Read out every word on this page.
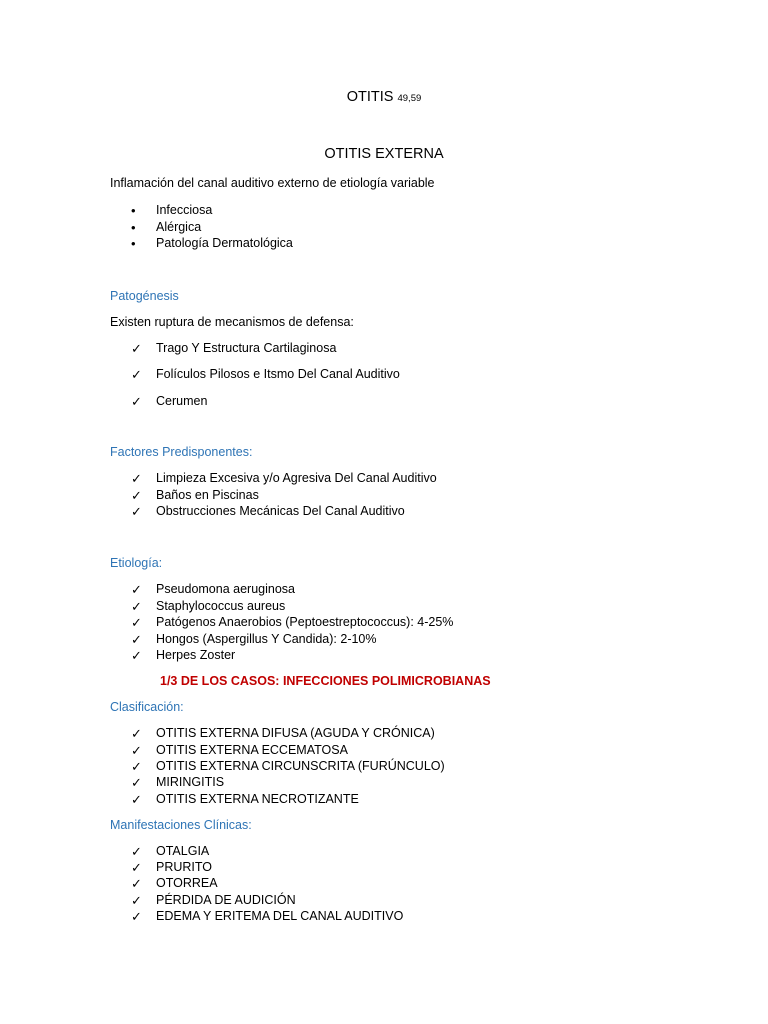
OTITIS 49,59
OTITIS EXTERNA
Inflamación del canal auditivo externo de etiología variable
• Infecciosa
• Alérgica
• Patología Dermatológica
Patogénesis
Existen ruptura de mecanismos de defensa:
✓ Trago Y Estructura Cartilaginosa
✓ Folículos Pilosos e Itsmo Del Canal Auditivo
✓ Cerumen
Factores Predisponentes:
✓ Limpieza Excesiva y/o Agresiva Del Canal Auditivo
✓ Baños en Piscinas
✓ Obstrucciones Mecánicas Del Canal Auditivo
Etiología:
✓ Pseudomona aeruginosa
✓ Staphylococcus aureus
✓ Patógenos Anaerobios (Peptoestreptococcus): 4-25%
✓ Hongos (Aspergillus Y Candida): 2-10%
✓ Herpes Zoster
1/3 DE LOS CASOS: INFECCIONES POLIMICROBIANAS
Clasificación:
✓ OTITIS EXTERNA DIFUSA (AGUDA Y CRÓNICA)
✓ OTITIS EXTERNA ECCEMATOSA
✓ OTITIS EXTERNA CIRCUNSCRITA (FURÚNCULO)
✓ MIRINGITIS
✓ OTITIS EXTERNA NECROTIZANTE
Manifestaciones Clínicas:
✓ OTALGIA
✓ PRURITO
✓ OTORREA
✓ PÉRDIDA DE AUDICIÓN
✓ EDEMA Y ERITEMA DEL CANAL AUDITIVO
